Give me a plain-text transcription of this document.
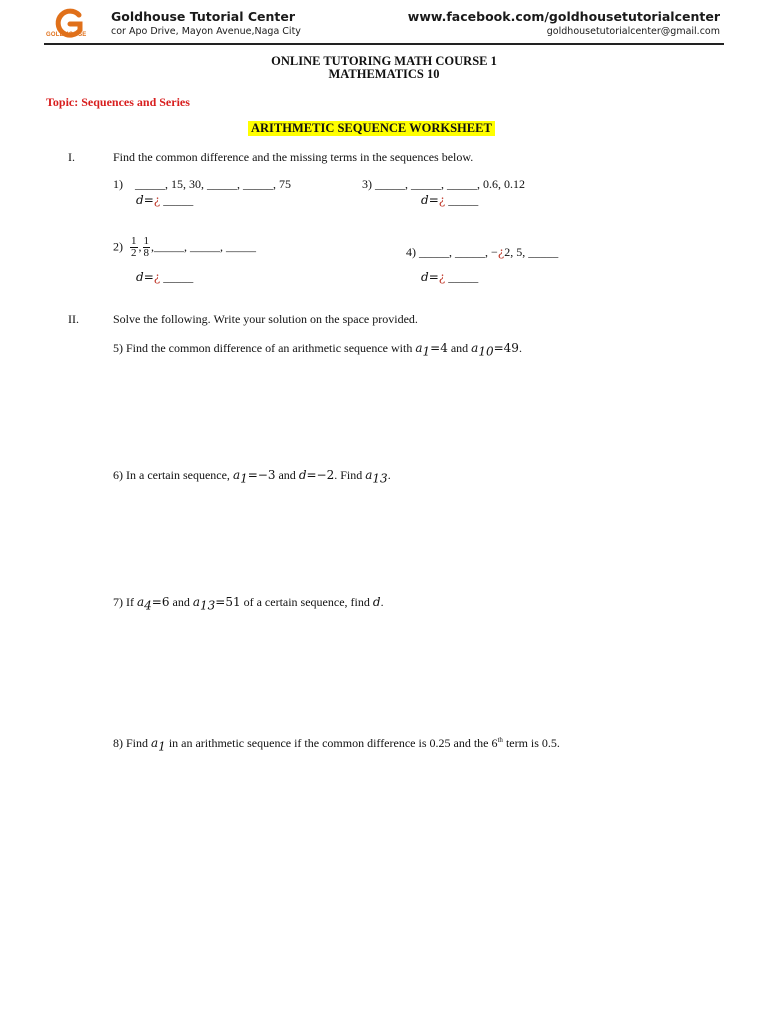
GOLDHOUSE
Goldhouse Tutorial Center
cor Apo Drive, Mayon Avenue,Naga City
www.facebook.com/goldhousetutorialcenter
goldhousetutorialcenter@gmail.com
ONLINE TUTORING MATH COURSE 1
MATHEMATICS 10
Topic: Sequences and Series
ARITHMETIC SEQUENCE WORKSHEET
I.	Find the common difference and the missing terms in the sequences below.
1) _____, 15, 30, _____, _____, 75
d=¿ _____
3) _____, _____, _____, 0.6, 0.12
d=¿ _____
$2) \frac{1}{2}$ , $\frac{1}{8}$ ,_____, _____, _____
d=¿ _____
4) _____, _____, −¿2, 5, _____
d=¿ _____
II.	Solve the following. Write your solution on the space provided.
5) Find the common difference of an arithmetic sequence with $a_1=4$ and $a_{10}=49$.
6) In a certain sequence, $a_1=-3$ and d=−2. Find $a_{13}$.
7) If $a_4=6$ and $a_{13}=51$ of a certain sequence, find d.
8) Find $a_1$ in an arithmetic sequence if the common difference is 0.25 and the 6th term is 0.5.
